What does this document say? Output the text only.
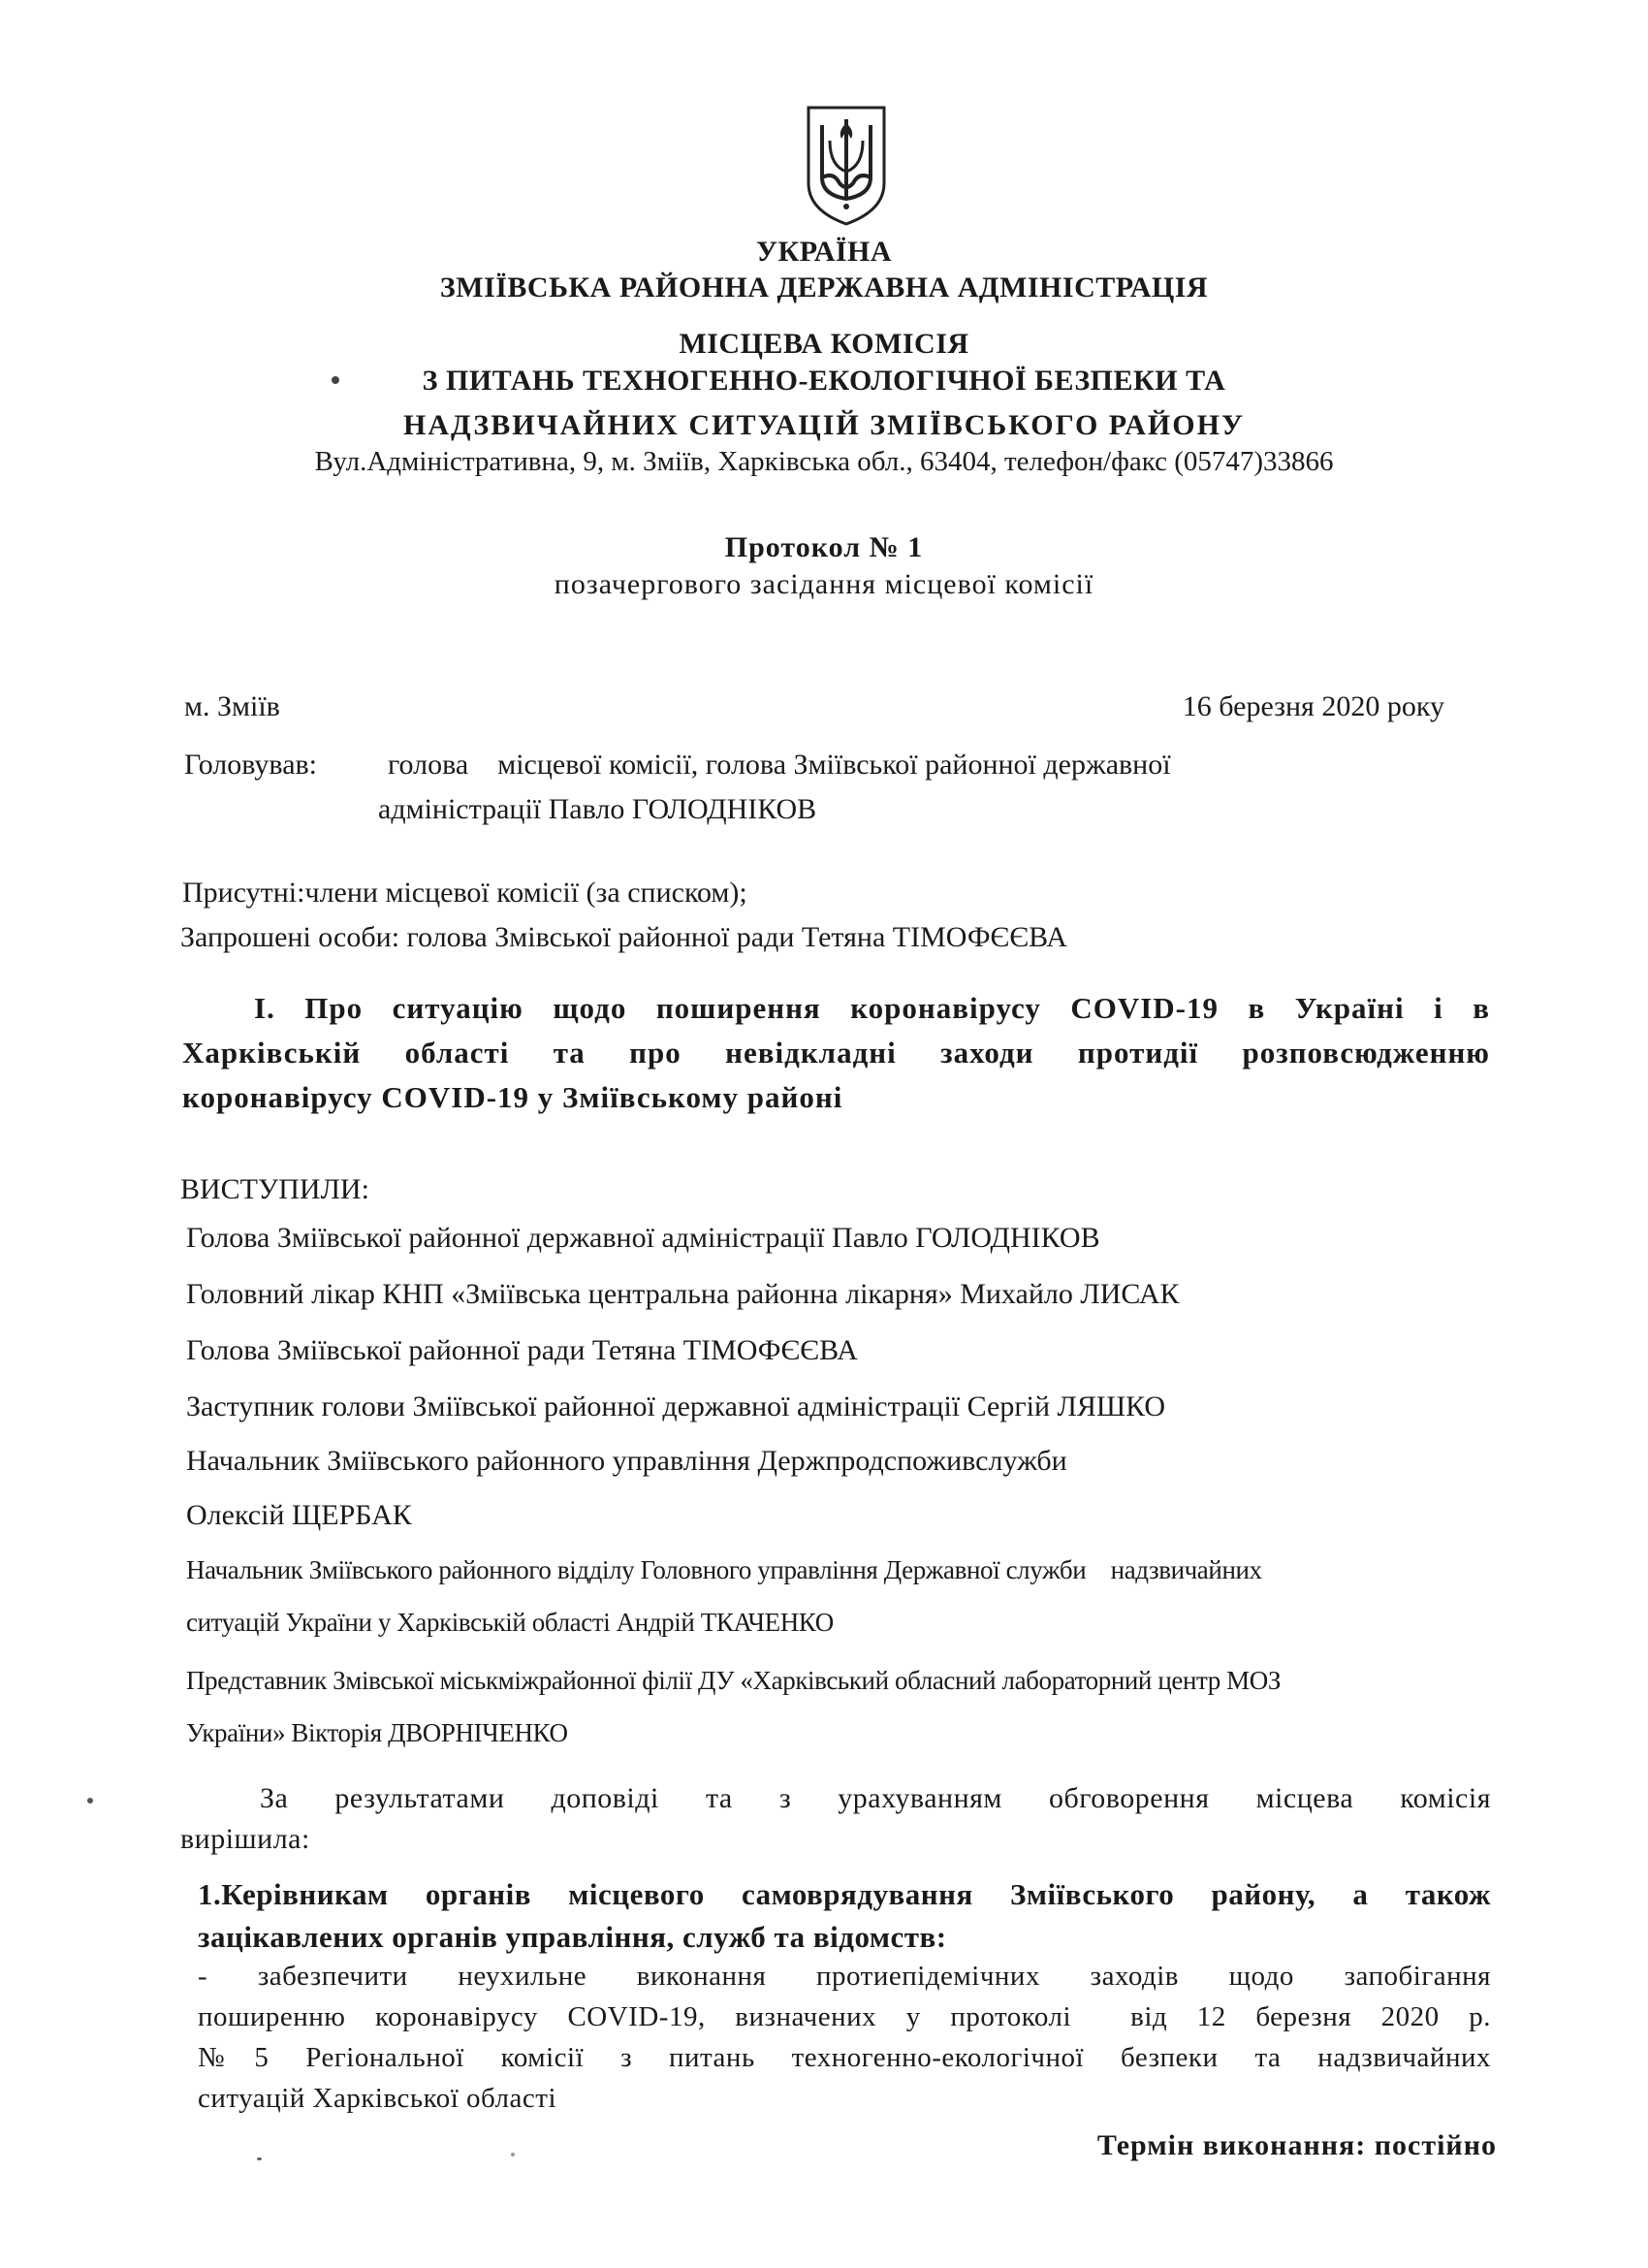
УКРАЇНА
ЗМІЇВСЬКА РАЙОННА ДЕРЖАВНА АДМІНІСТРАЦІЯ
МІСЦЕВА КОМІСІЯ
З ПИТАНЬ ТЕХНОГЕННО-ЕКОЛОГІЧНОЇ БЕЗПЕКИ ТА
НАДЗВИЧАЙНИХ СИТУАЦІЙ ЗМІЇВСЬКОГО РАЙОНУ
Вул.Адміністративна, 9, м. Зміїв, Харківська обл., 63404, телефон/факс (05747)33866
Протокол № 1
позачергового засідання місцевої комісії
м. Зміїв	16 березня 2020 року
Головував: голова    місцевої комісії, голова Зміївської районної державної
адміністрації Павло ГОЛОДНІКОВ
Присутні:члени місцевої комісії (за списком);
Запрошені особи: голова Змівської районної ради Тетяна ТІМОФЄЄВА
І. Про ситуацію щодо поширення коронавірусу COVID-19 в Україні і в
Харківській області та про невідкладні заходи протидії розповсюдженню
коронавірусу COVID-19 у Зміївському районі
ВИСТУПИЛИ:
Голова Зміївської районної державної адміністрації Павло ГОЛОДНІКОВ
Головний лікар КНП «Зміївська центральна районна лікарня» Михайло ЛИСАК
Голова Зміївської районної ради Тетяна ТІМОФЄЄВА
Заступник голови Зміївської районної державної адміністрації Сергій ЛЯШКО
Начальник Зміївського районного управління Держпродспоживслужби
Олексій ЩЕРБАК
Начальник Зміївського районного відділу Головного управління Державної служби    надзвичайних
ситуацій України у Харківській області Андрій ТКАЧЕНКО
Представник Змівської міськміжрайонної філії ДУ «Харківський обласний лабораторний центр МОЗ
України» Вікторія ДВОРНІЧЕНКО
За результатами доповіді та з урахуванням обговорення місцева комісія
вирішила:
1.Керівникам органів місцевого самоврядування Зміївського району, а також
зацікавлених органів управління, служб та відомств:
- забезпечити неухильне виконання протиепідемічних заходів щодо запобігання
поширенню коронавірусу COVID-19, визначених у протоколі  від 12 березня 2020 р.
№5 Регіональної комісії з питань техногенно-екологічної безпеки та надзвичайних
ситуацій Харківської області
Термін виконання: постійно
